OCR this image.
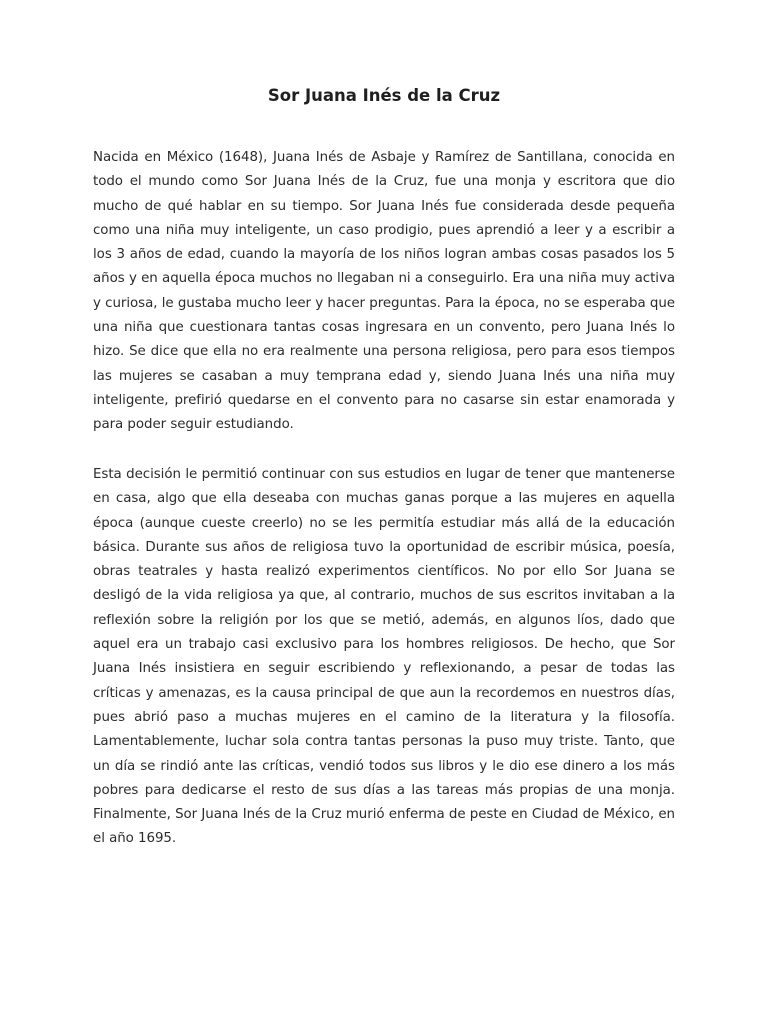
Sor Juana Inés de la Cruz

Nacida en México (1648), Juana Inés de Asbaje y Ramírez de Santillana, conocida en todo el mundo como Sor Juana Inés de la Cruz, fue una monja y escritora que dio mucho de qué hablar en su tiempo. Sor Juana Inés fue considerada desde pequeña como una niña muy inteligente, un caso prodigio, pues aprendió a leer y a escribir a los 3 años de edad, cuando la mayoría de los niños logran ambas cosas pasados los 5 años y en aquella época muchos no llegaban ni a conseguirlo. Era una niña muy activa y curiosa, le gustaba mucho leer y hacer preguntas. Para la época, no se esperaba que una niña que cuestionara tantas cosas ingresara en un convento, pero Juana Inés lo hizo. Se dice que ella no era realmente una persona religiosa, pero para esos tiempos las mujeres se casaban a muy temprana edad y, siendo Juana Inés una niña muy inteligente, prefirió quedarse en el convento para no casarse sin estar enamorada y para poder seguir estudiando.

Esta decisión le permitió continuar con sus estudios en lugar de tener que mantenerse en casa, algo que ella deseaba con muchas ganas porque a las mujeres en aquella época (aunque cueste creerlo) no se les permitía estudiar más allá de la educación básica. Durante sus años de religiosa tuvo la oportunidad de escribir música, poesía, obras teatrales y hasta realizó experimentos científicos. No por ello Sor Juana se desligó de la vida religiosa ya que, al contrario, muchos de sus escritos invitaban a la reflexión sobre la religión por los que se metió, además, en algunos líos, dado que aquel era un trabajo casi exclusivo para los hombres religiosos. De hecho, que Sor Juana Inés insistiera en seguir escribiendo y reflexionando, a pesar de todas las críticas y amenazas, es la causa principal de que aun la recordemos en nuestros días, pues abrió paso a muchas mujeres en el camino de la literatura y la filosofía. Lamentablemente, luchar sola contra tantas personas la puso muy triste. Tanto, que un día se rindió ante las críticas, vendió todos sus libros y le dio ese dinero a los más pobres para dedicarse el resto de sus días a las tareas más propias de una monja. Finalmente, Sor Juana Inés de la Cruz murió enferma de peste en Ciudad de México, en el año 1695.
